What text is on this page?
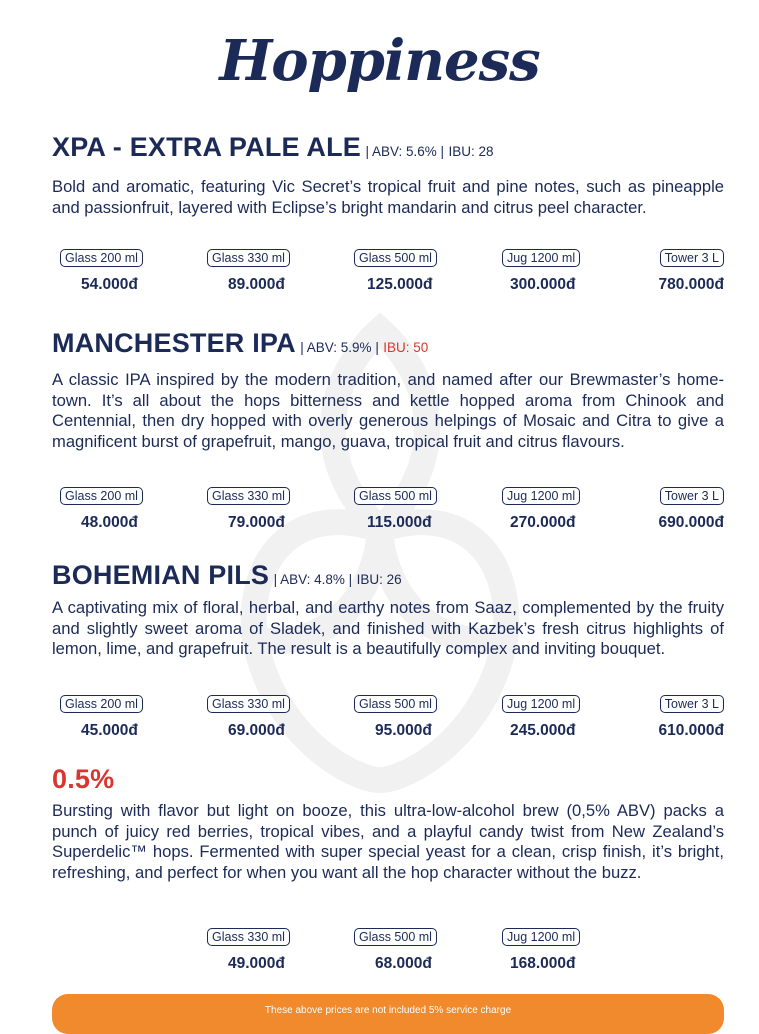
Hoppiness
XPA - EXTRA PALE ALE | ABV: 5.6% | IBU: 28

Bold and aromatic, featuring Vic Secret’s tropical fruit and pine notes, such as pineapple and passionfruit, layered with Eclipse’s bright mandarin and citrus peel character.

Glass 200 ml
54.000đ
Glass 330 ml
89.000đ
Glass 500 ml
125.000đ
Jug 1200 ml
300.000đ
Tower 3 L
780.000đ
MANCHESTER IPA | ABV: 5.9% | IBU: 50

A classic IPA inspired by the modern tradition, and named after our Brewmaster’s home-town. It’s all about the hops bitterness and kettle hopped aroma from Chinook and Centennial, then dry hopped with overly generous helpings of Mosaic and Citra to give a magnificent burst of grapefruit, mango, guava, tropical fruit and citrus flavours.

Glass 200 ml
48.000đ
Glass 330 ml
79.000đ
Glass 500 ml
115.000đ
Jug 1200 ml
270.000đ
Tower 3 L
690.000đ
BOHEMIAN PILS | ABV: 4.8% | IBU: 26

A captivating mix of floral, herbal, and earthy notes from Saaz, complemented by the fruity and slightly sweet aroma of Sladek, and finished with Kazbek’s fresh citrus highlights of lemon, lime, and grapefruit. The result is a beautifully complex and inviting bouquet.

Glass 200 ml
45.000đ
Glass 330 ml
69.000đ
Glass 500 ml
95.000đ
Jug 1200 ml
245.000đ
Tower 3 L
610.000đ
0.5%

Bursting with flavor but light on booze, this ultra-low-alcohol brew (0,5% ABV) packs a punch of juicy red berries, tropical vibes, and a playful candy twist from New Zealand’s Superdelic™ hops. Fermented with super special yeast for a clean, crisp finish, it’s bright, refreshing, and perfect for when you want all the hop character without the buzz.

Glass 330 ml
49.000đ
Glass 500 ml
68.000đ
Jug 1200 ml
168.000đ
These above prices are not included 5% service charge
